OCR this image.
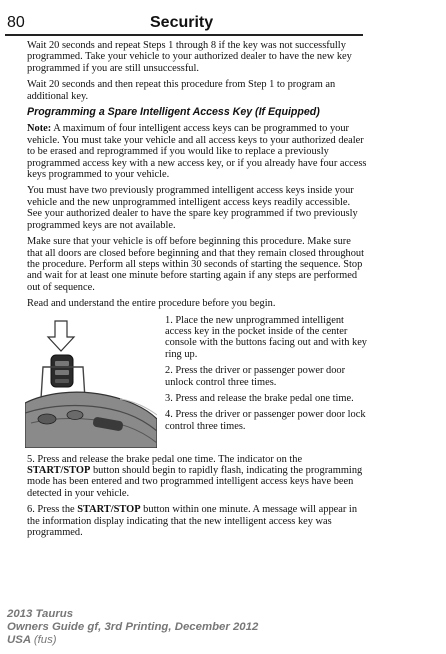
80	Security

Wait 20 seconds and repeat Steps 1 through 8 if the key was not successfully programmed. Take your vehicle to your authorized dealer to have the new key programmed if you are still unsuccessful.

Wait 20 seconds and then repeat this procedure from Step 1 to program an additional key.

Programming a Spare Intelligent Access Key (If Equipped)

Note: A maximum of four intelligent access keys can be programmed to your vehicle. You must take your vehicle and all access keys to your authorized dealer to be erased and reprogrammed if you would like to replace a previously programmed access key with a new access key, or if you already have four access keys programmed to your vehicle.

You must have two previously programmed intelligent access keys inside your vehicle and the new unprogrammed intelligent access keys readily accessible. See your authorized dealer to have the spare key programmed if two previously programmed keys are not available.

Make sure that your vehicle is off before beginning this procedure. Make sure that all doors are closed before beginning and that they remain closed throughout the procedure. Perform all steps within 30 seconds of starting the sequence. Stop and wait for at least one minute before starting again if any steps are performed out of sequence.

Read and understand the entire procedure before you begin.

1. Place the new unprogrammed intelligent access key in the pocket inside of the center console with the buttons facing out and with key ring up.

2. Press the driver or passenger power door unlock control three times.

3. Press and release the brake pedal one time.

4. Press the driver or passenger power door lock control three times.

5. Press and release the brake pedal one time. The indicator on the START/STOP button should begin to rapidly flash, indicating the programming mode has been entered and two programmed intelligent access keys have been detected in your vehicle.

6. Press the START/STOP button within one minute. A message will appear in the information display indicating that the new intelligent access key was programmed.

2013 Taurus
Owners Guide gf, 3rd Printing, December 2012
USA (fus)
